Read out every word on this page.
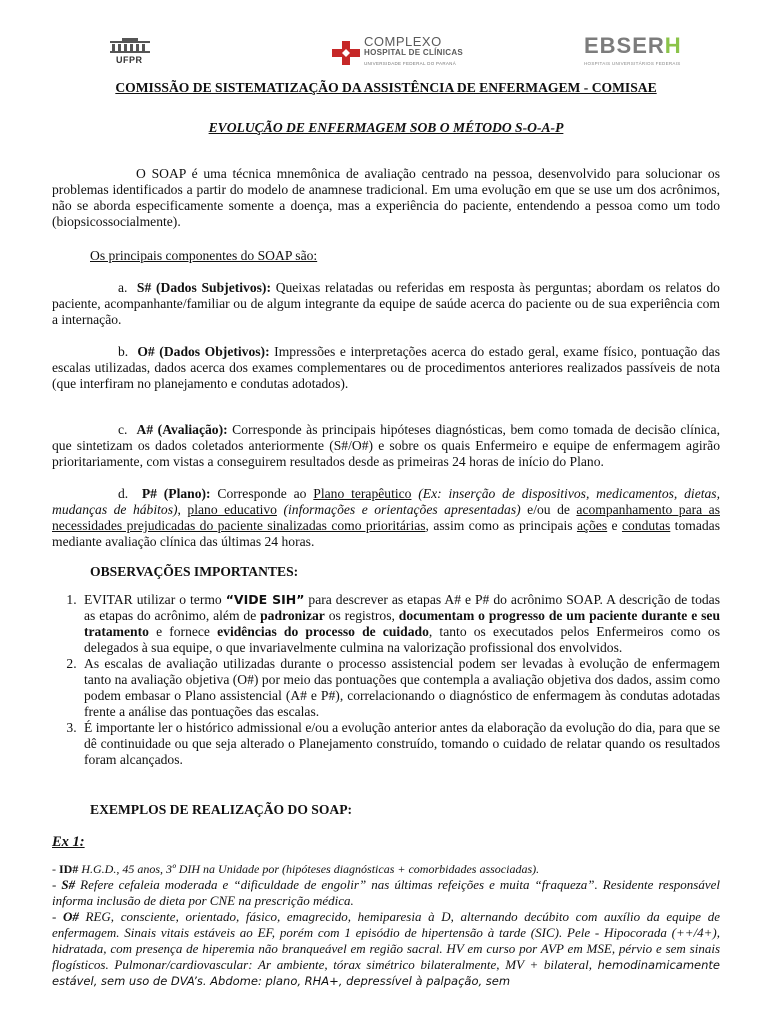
UFPR
COMPLEXO
HOSPITAL DE CLÍNICAS
UNIVERSIDADE FEDERAL DO PARANÁ
EBSERH
HOSPITAIS UNIVERSITÁRIOS FEDERAIS
COMISSÃO DE SISTEMATIZAÇÃO DA ASSISTÊNCIA DE ENFERMAGEM - COMISAE
EVOLUÇÃO DE ENFERMAGEM SOB O MÉTODO S-O-A-P

O SOAP é uma técnica mnemônica de avaliação centrado na pessoa, desenvolvido para solucionar os problemas identificados a partir do modelo de anamnese tradicional. Em uma evolução em que se use um dos acrônimos, não se aborda especificamente somente a doença, mas a experiência do paciente, entendendo a pessoa como um todo (biopsicossocialmente).

Os principais componentes do SOAP são:

a. S# (Dados Subjetivos): Queixas relatadas ou referidas em resposta às perguntas; abordam os relatos do paciente, acompanhante/familiar ou de algum integrante da equipe de saúde acerca do paciente ou de sua experiência com a internação.

b. O# (Dados Objetivos): Impressões e interpretações acerca do estado geral, exame físico, pontuação das escalas utilizadas, dados acerca dos exames complementares ou de procedimentos anteriores realizados passíveis de nota (que interfiram no planejamento e condutas adotados).

c. A# (Avaliação): Corresponde às principais hipóteses diagnósticas, bem como tomada de decisão clínica, que sintetizam os dados coletados anteriormente (S#/O#) e sobre os quais Enfermeiro e equipe de enfermagem agirão prioritariamente, com vistas a conseguirem resultados desde as primeiras 24 horas de início do Plano.

d. P# (Plano): Corresponde ao Plano terapêutico (Ex: inserção de dispositivos, medicamentos, dietas, mudanças de hábitos), plano educativo (informações e orientações apresentadas) e/ou de acompanhamento para as necessidades prejudicadas do paciente sinalizadas como prioritárias, assim como as principais ações e condutas tomadas mediante avaliação clínica das últimas 24 horas.

OBSERVAÇÕES IMPORTANTES:
1. EVITAR utilizar o termo “VIDE SIH” para descrever as etapas A# e P# do acrônimo SOAP. A descrição de todas as etapas do acrônimo, além de padronizar os registros, documentam o progresso de um paciente durante e seu tratamento e fornece evidências do processo de cuidado, tanto os executados pelos Enfermeiros como os delegados à sua equipe, o que invariavelmente culmina na valorização profissional dos envolvidos.
2. As escalas de avaliação utilizadas durante o processo assistencial podem ser levadas à evolução de enfermagem tanto na avaliação objetiva (O#) por meio das pontuações que contempla a avaliação objetiva dos dados, assim como podem embasar o Plano assistencial (A# e P#), correlacionando o diagnóstico de enfermagem às condutas adotadas frente a análise das pontuações das escalas.
3. É importante ler o histórico admissional e/ou a evolução anterior antes da elaboração da evolução do dia, para que se dê continuidade ou que seja alterado o Planejamento construído, tomando o cuidado de relatar quando os resultados foram alcançados.
EXEMPLOS DE REALIZAÇÃO DO SOAP:
Ex 1:

- ID# H.G.D., 45 anos, 3º DIH na Unidade por (hipóteses diagnósticas + comorbidades associadas).

- S# Refere cefaleia moderada e “dificuldade de engolir” nas últimas refeições e muita “fraqueza”. Residente responsável informa inclusão de dieta por CNE na prescrição médica.

- O# REG, consciente, orientado, fásico, emagrecido, hemiparesia à D, alternando decúbito com auxílio da equipe de enfermagem. Sinais vitais estáveis ao EF, porém com 1 episódio de hipertensão à tarde (SIC). Pele - Hipocorada (++/4+), hidratada, com presença de hiperemia não branqueável em região sacral. HV em curso por AVP em MSE, pérvio e sem sinais flogísticos. Pulmonar/cardiovascular: Ar ambiente, tórax simétrico bilateralmente, MV + bilateral, hemodinamicamente estável, sem uso de DVA’s. Abdome: plano, RHA+, depressível à palpação, sem
